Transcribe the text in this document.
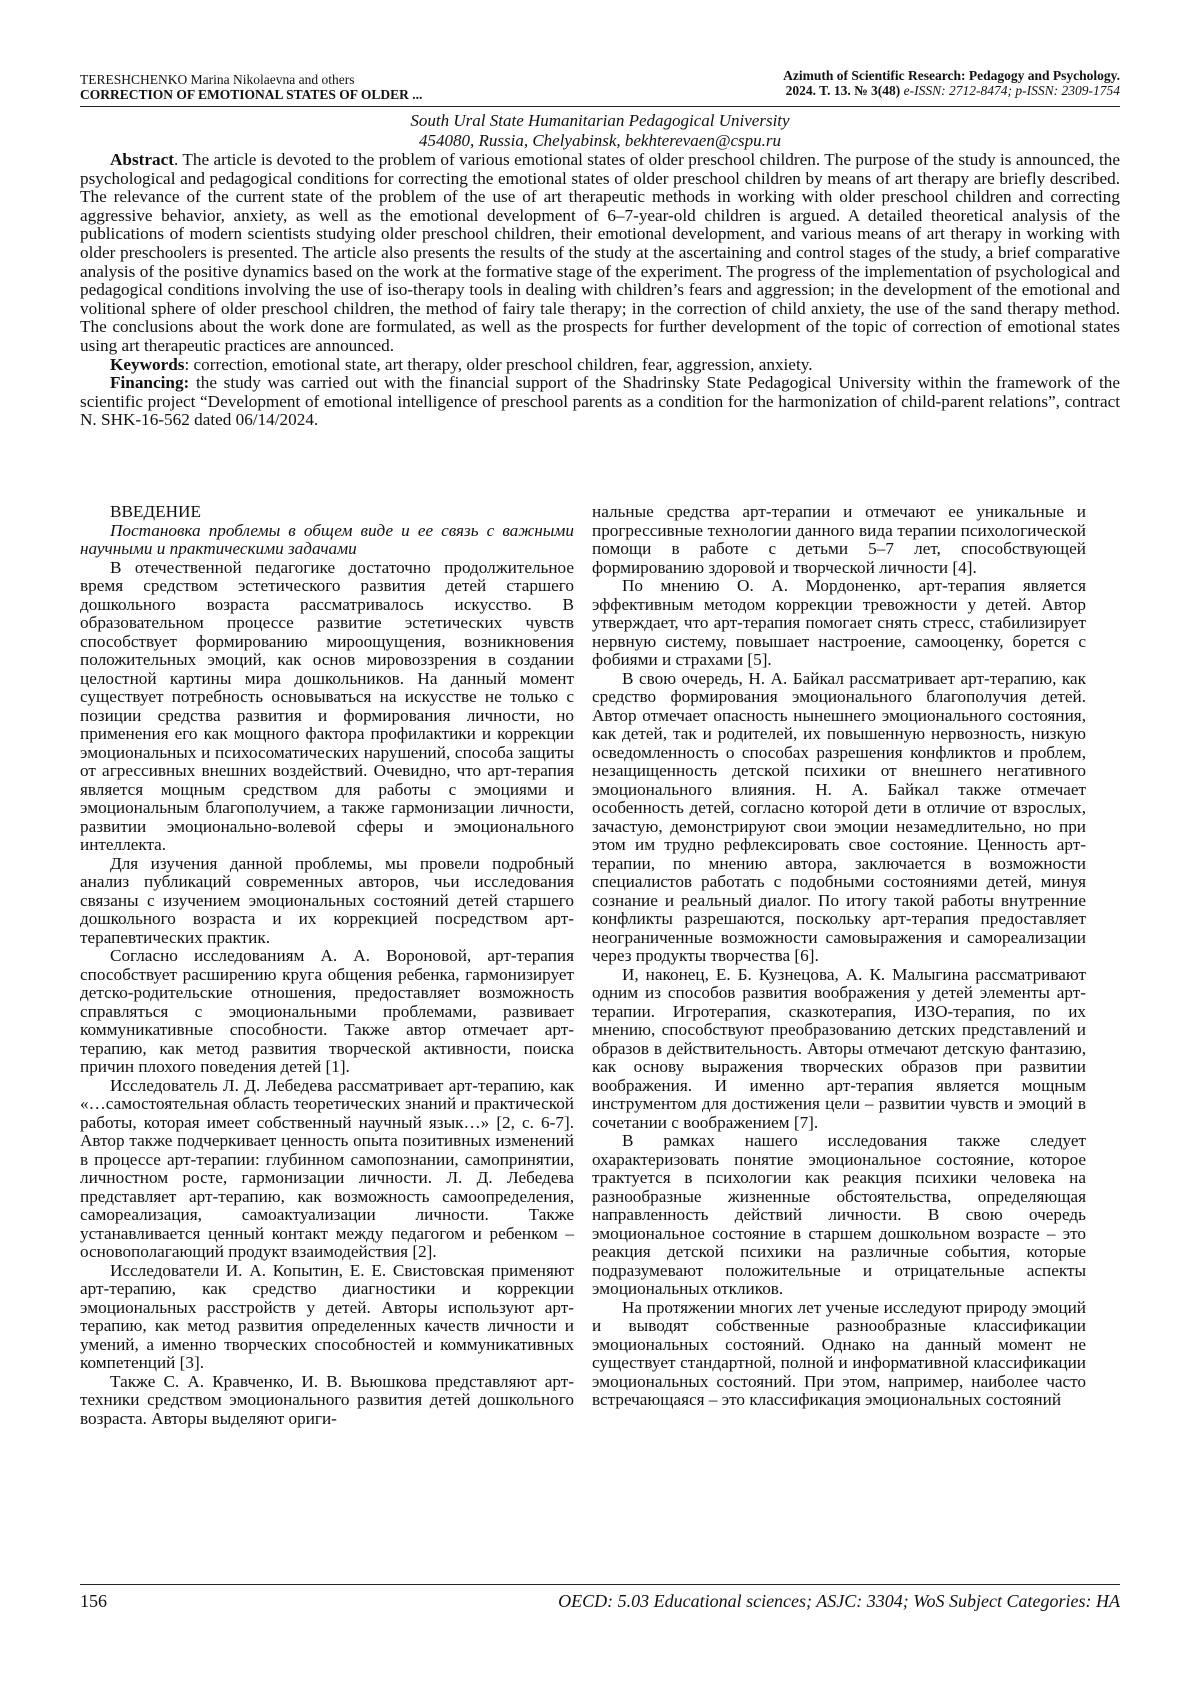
TERESHCHENKO Marina Nikolaevna and others
CORRECTION OF EMOTIONAL STATES OF OLDER ...
Azimuth of Scientific Research: Pedagogy and Psychology.
2024. T. 13. № 3(48) e-ISSN: 2712-8474; p-ISSN: 2309-1754
South Ural State Humanitarian Pedagogical University
454080, Russia, Chelyabinsk, bekhterevaen@cspu.ru

Abstract. The article is devoted to the problem of various emotional states of older preschool children. The purpose of the study is announced, the psychological and pedagogical conditions for correcting the emotional states of older preschool children by means of art therapy are briefly described. The relevance of the current state of the problem of the use of art therapeutic methods in working with older preschool children and correcting aggressive behavior, anxiety, as well as the emotional development of 6–7-year-old children is argued. A detailed theoretical analysis of the publications of modern scientists studying older preschool children, their emotional development, and various means of art therapy in working with older preschoolers is presented. The article also presents the results of the study at the ascertaining and control stages of the study, a brief comparative analysis of the positive dynamics based on the work at the formative stage of the experiment. The progress of the implementation of psychological and pedagogical conditions involving the use of iso-therapy tools in dealing with children’s fears and aggression; in the development of the emotional and volitional sphere of older preschool children, the method of fairy tale therapy; in the correction of child anxiety, the use of the sand therapy method. The conclusions about the work done are formulated, as well as the prospects for further development of the topic of correction of emotional states using art therapeutic practices are announced.

Keywords: correction, emotional state, art therapy, older preschool children, fear, aggression, anxiety.

Financing: the study was carried out with the financial support of the Shadrinsky State Pedagogical University within the framework of the scientific project “Development of emotional intelligence of preschool parents as a condition for the harmonization of child-parent relations”, contract N. SHK-16-562 dated 06/14/2024.

ВВЕДЕНИЕ
Постановка проблемы в общем виде и ее связь с важными научными и практическими задачами

В отечественной педагогике достаточно продолжительное время средством эстетического развития детей старшего дошкольного возраста рассматривалось искусство. В образовательном процессе развитие эстетических чувств способствует формированию мироощущения, возникновения положительных эмоций, как основ мировоззрения в создании целостной картины мира дошкольников. На данный момент существует потребность основываться на искусстве не только с позиции средства развития и формирования личности, но применения его как мощного фактора профилактики и коррекции эмоциональных и психосоматических нарушений, способа защиты от агрессивных внешних воздействий. Очевидно, что арт-терапия является мощным средством для работы с эмоциями и эмоциональным благополучием, а также гармонизации личности, развитии эмоционально-волевой сферы и эмоционального интеллекта.

Для изучения данной проблемы, мы провели подробный анализ публикаций современных авторов, чьи исследования связаны с изучением эмоциональных состояний детей старшего дошкольного возраста и их коррекцией посредством арт-терапевтических практик.

Согласно исследованиям А. А. Вороновой, арт-терапия способствует расширению круга общения ребенка, гармонизирует детско-родительские отношения, предоставляет возможность справляться с эмоциональными проблемами, развивает коммуникативные способности. Также автор отмечает арт-терапию, как метод развития творческой активности, поиска причин плохого поведения детей [1].

Исследователь Л. Д. Лебедева рассматривает арт-терапию, как «…самостоятельная область теоретических знаний и практической работы, которая имеет собственный научный язык…» [2, с. 6-7]. Автор также подчеркивает ценность опыта позитивных изменений в процессе арт-терапии: глубинном самопознании, самопринятии, личностном росте, гармонизации личности. Л. Д. Лебедева представляет арт-терапию, как возможность самоопределения, самореализация, самоактуализации личности. Также устанавливается ценный контакт между педагогом и ребенком – основополагающий продукт взаимодействия [2].

Исследователи И. А. Копытин, Е. Е. Свистовская применяют арт-терапию, как средство диагностики и коррекции эмоциональных расстройств у детей. Авторы используют арт-терапию, как метод развития определенных качеств личности и умений, а именно творческих способностей и коммуникативных компетенций [3].

Также С. А. Кравченко, И. В. Вьюшкова представляют арт-техники средством эмоционального развития детей дошкольного возраста. Авторы выделяют ориги-

нальные средства арт-терапии и отмечают ее уникальные и прогрессивные технологии данного вида терапии психологической помощи в работе с детьми 5–7 лет, способствующей формированию здоровой и творческой личности [4].

По мнению О. А. Мордоненко, арт-терапия является эффективным методом коррекции тревожности у детей. Автор утверждает, что арт-терапия помогает снять стресс, стабилизирует нервную систему, повышает настроение, самооценку, борется с фобиями и страхами [5].

В свою очередь, Н. А. Байкал рассматривает арт-терапию, как средство формирования эмоционального благополучия детей. Автор отмечает опасность нынешнего эмоционального состояния, как детей, так и родителей, их повышенную нервозность, низкую осведомленность о способах разрешения конфликтов и проблем, незащищенность детской психики от внешнего негативного эмоционального влияния. Н. А. Байкал также отмечает особенность детей, согласно которой дети в отличие от взрослых, зачастую, демонстрируют свои эмоции незамедлительно, но при этом им трудно рефлексировать свое состояние. Ценность арт-терапии, по мнению автора, заключается в возможности специалистов работать с подобными состояниями детей, минуя сознание и реальный диалог. По итогу такой работы внутренние конфликты разрешаются, поскольку арт-терапия предоставляет неограниченные возможности самовыражения и самореализации через продукты творчества [6].

И, наконец, Е. Б. Кузнецова, А. К. Малыгина рассматривают одним из способов развития воображения у детей элементы арт-терапии. Игротерапия, сказкотерапия, ИЗО-терапия, по их мнению, способствуют преобразованию детских представлений и образов в действительность. Авторы отмечают детскую фантазию, как основу выражения творческих образов при развитии воображения. И именно арт-терапия является мощным инструментом для достижения цели – развитии чувств и эмоций в сочетании с воображением [7].

В рамках нашего исследования также следует охарактеризовать понятие эмоциональное состояние, которое трактуется в психологии как реакция психики человека на разнообразные жизненные обстоятельства, определяющая направленность действий личности. В свою очередь эмоциональное состояние в старшем дошкольном возрасте – это реакция детской психики на различные события, которые подразумевают положительные и отрицательные аспекты эмоциональных откликов.

На протяжении многих лет ученые исследуют природу эмоций и выводят собственные разнообразные классификации эмоциональных состояний. Однако на данный момент не существует стандартной, полной и информативной классификации эмоциональных состояний. При этом, например, наиболее часто встречающаяся – это классификация эмоциональных состояний

156	OECD: 5.03 Educational sciences; ASJC: 3304; WoS Subject Categories: HA
